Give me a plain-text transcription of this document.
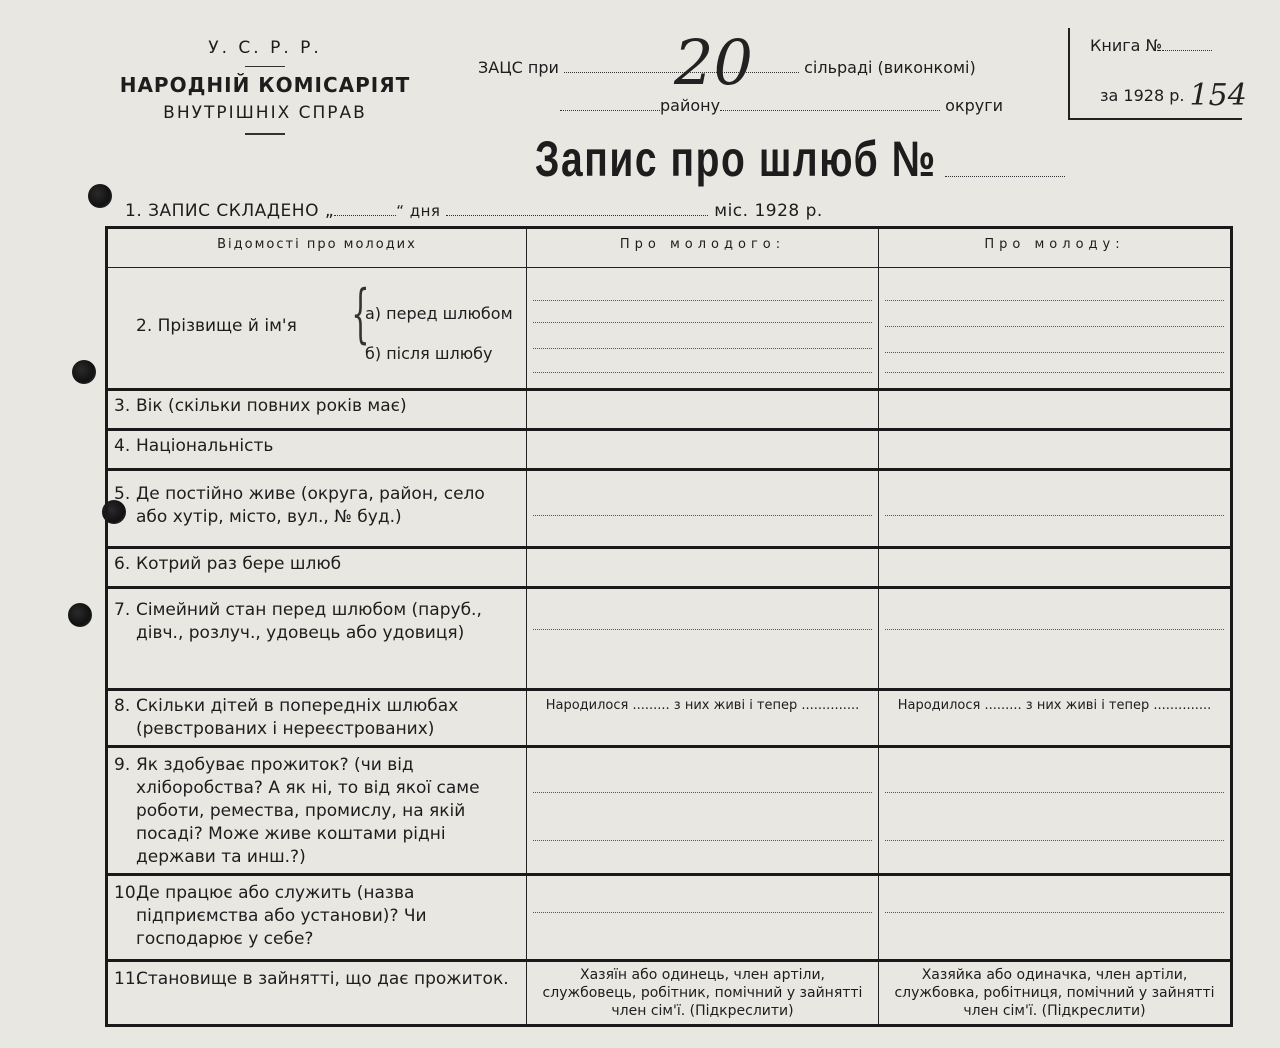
У. С. Р. Р.
НАРОДНІЙ КОМІСАРІЯТ
ВНУТРІШНІХ СПРАВ
ЗАЦС при 20	сільраді (виконкомі)
району	округи
Книга №
за 1928 р. 154
Запис про шлюб №
1. ЗАПИС СКЛАДЕНО „	“ дня	міс. 1928 р.
Відомості про молодих	Про молодого:	Про молоду:

2. Прізвище й ім'я {
а) перед шлюбом
б) після шлюбу		

3. Вік (скільки повних років має)		
4. Національність		
5. Де постійно живе (округа, район, село або хутір, місто, вул., № буд.)	

6. Котрий раз бере шлюб		
7. Сімейний стан перед шлюбом (паруб., дівч., розлуч., удовець або удовиця)	

8. Скільки дітей в попередніх шлюбах (ревстрованих і нереєстрованих)	Народилося ......... з них живі і тепер ..............	Народилося ......... з них живі і тепер ..............
9. Як здобуває прожиток? (чи від хліборобства? А як ні, то від якої саме роботи, ремества, промислу, на якій посаді? Може живе коштами рідні держави та инш.?)	

10.Де працює або служить (назва підприємства або установи)? Чи господарює у себе?	

11.Становище в зайнятті, що дає прожиток.	Хазяїн або одинець, член артіли, службовець, робітник, помічний у зайнятті член сім'ї. (Підкреслити)	Хазяйка або одиначка, член артіли, службовка, робітниця, помічний у зайнятті член сім'ї. (Підкреслити)
